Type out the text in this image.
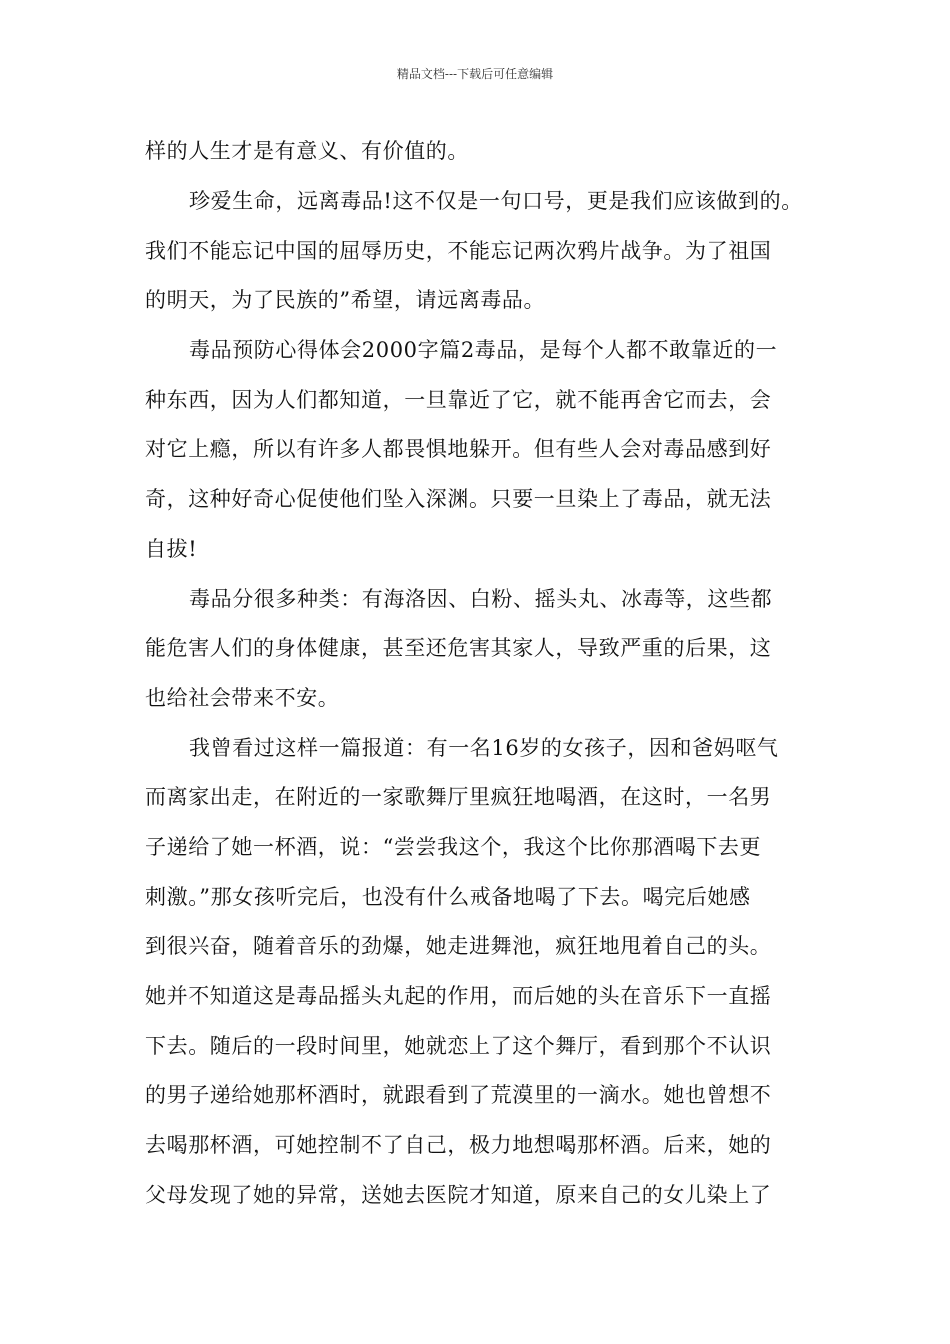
精品文档---下载后可任意编辑
样的人生才是有意义、有价值的。
珍爱生命，远离毒品!这不仅是一句口号，更是我们应该做到的。
我们不能忘记中国的屈辱历史，不能忘记两次鸦片战争。为了祖国
的明天，为了民族的”希望，请远离毒品。
毒品预防心得体会2000字篇2毒品，是每个人都不敢靠近的一
种东西，因为人们都知道，一旦靠近了它，就不能再舍它而去，会
对它上瘾，所以有许多人都畏惧地躲开。但有些人会对毒品感到好
奇，这种好奇心促使他们坠入深渊。只要一旦染上了毒品，就无法
自拔!
毒品分很多种类：有海洛因、白粉、摇头丸、冰毒等，这些都
能危害人们的身体健康，甚至还危害其家人，导致严重的后果，这
也给社会带来不安。
我曾看过这样一篇报道：有一名16岁的女孩子，因和爸妈呕气
而离家出走，在附近的一家歌舞厅里疯狂地喝酒，在这时，一名男
子递给了她一杯酒，说：“尝尝我这个，我这个比你那酒喝下去更
刺激。”那女孩听完后，也没有什么戒备地喝了下去。喝完后她感
到很兴奋，随着音乐的劲爆，她走进舞池，疯狂地甩着自己的头。
她并不知道这是毒品摇头丸起的作用，而后她的头在音乐下一直摇
下去。随后的一段时间里，她就恋上了这个舞厅，看到那个不认识
的男子递给她那杯酒时，就跟看到了荒漠里的一滴水。她也曾想不
去喝那杯酒，可她控制不了自己，极力地想喝那杯酒。后来，她的
父母发现了她的异常，送她去医院才知道，原来自己的女儿染上了
